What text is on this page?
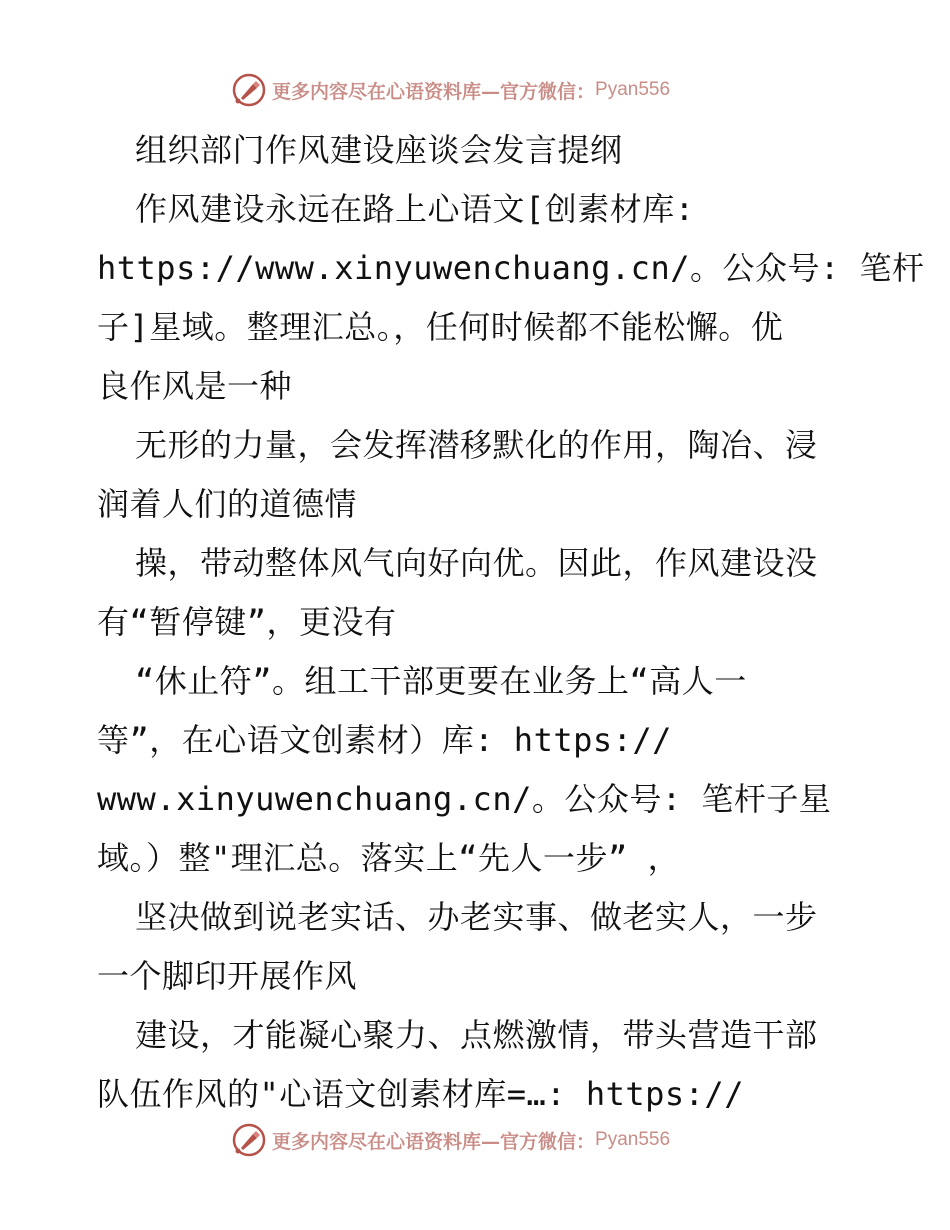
更多内容尽在心语资料库—官方微信： Pyan556
组织部门作风建设座谈会发言提纲
作风建设永远在路上心语文[创素材库:
https://www.xinyuwenchuang.cn/。公众号: 笔杆
子]星域。整理汇总。，任何时候都不能松懈。优
良作风是一种
无形的力量，会发挥潜移默化的作用，陶冶、浸
润着人们的道德情
操，带动整体风气向好向优。因此，作风建设没
有“暂停键”，更没有
“休止符”。组工干部更要在业务上“高人一
等”，在心语文创素材）库: https://
www.xinyuwenchuang.cn/。公众号: 笔杆子星
域。）整"理汇总。落实上“先人一步” ，
坚决做到说老实话、办老实事、做老实人，一步
一个脚印开展作风
建设，才能凝心聚力、点燃激情，带头营造干部
队伍作风的"心语文创素材库=…: https://
更多内容尽在心语资料库—官方微信： Pyan556
